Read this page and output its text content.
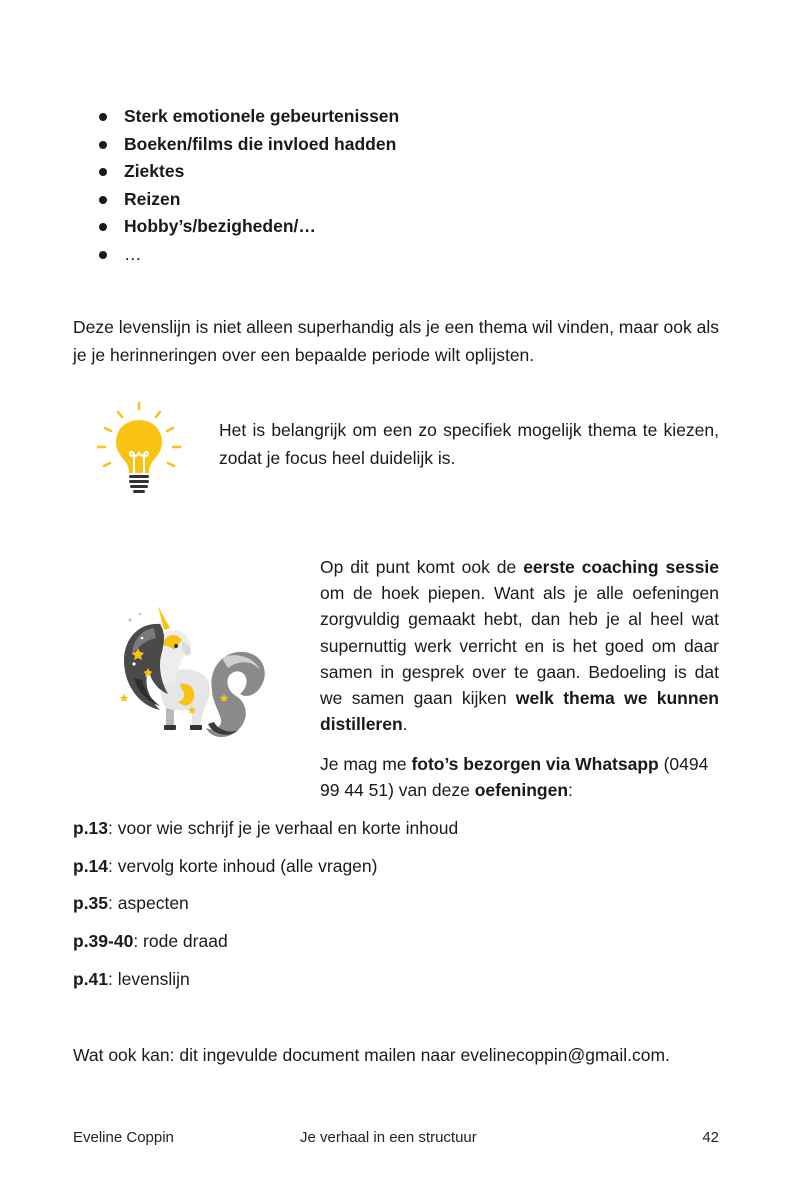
Sterk emotionele gebeurtenissen
Boeken/films die invloed hadden
Ziektes
Reizen
Hobby’s/bezigheden/…
…

Deze levenslijn is niet alleen superhandig als je een thema wil vinden, maar ook als je je herinneringen over een bepaalde periode wilt oplijsten.

Het is belangrijk om een zo specifiek mogelijk thema te kiezen, zodat je focus heel duidelijk is.

Op dit punt komt ook de eerste coaching sessie om de hoek piepen. Want als je alle oefeningen zorgvuldig gemaakt hebt, dan heb je al heel wat supernuttig werk verricht en is het goed om daar samen in gesprek over te gaan. Bedoeling is dat we samen gaan kijken welk thema we kunnen distilleren.

Je mag me foto’s bezorgen via Whatsapp (0494 99 44 51) van deze oefeningen:

p.13: voor wie schrijf je je verhaal en korte inhoud
p.14: vervolg korte inhoud (alle vragen)
p.35: aspecten
p.39-40: rode draad
p.41: levenslijn

Wat ook kan: dit ingevulde document mailen naar evelinecoppin@gmail.com.

Eveline Coppin	Je verhaal in een structuur	42
